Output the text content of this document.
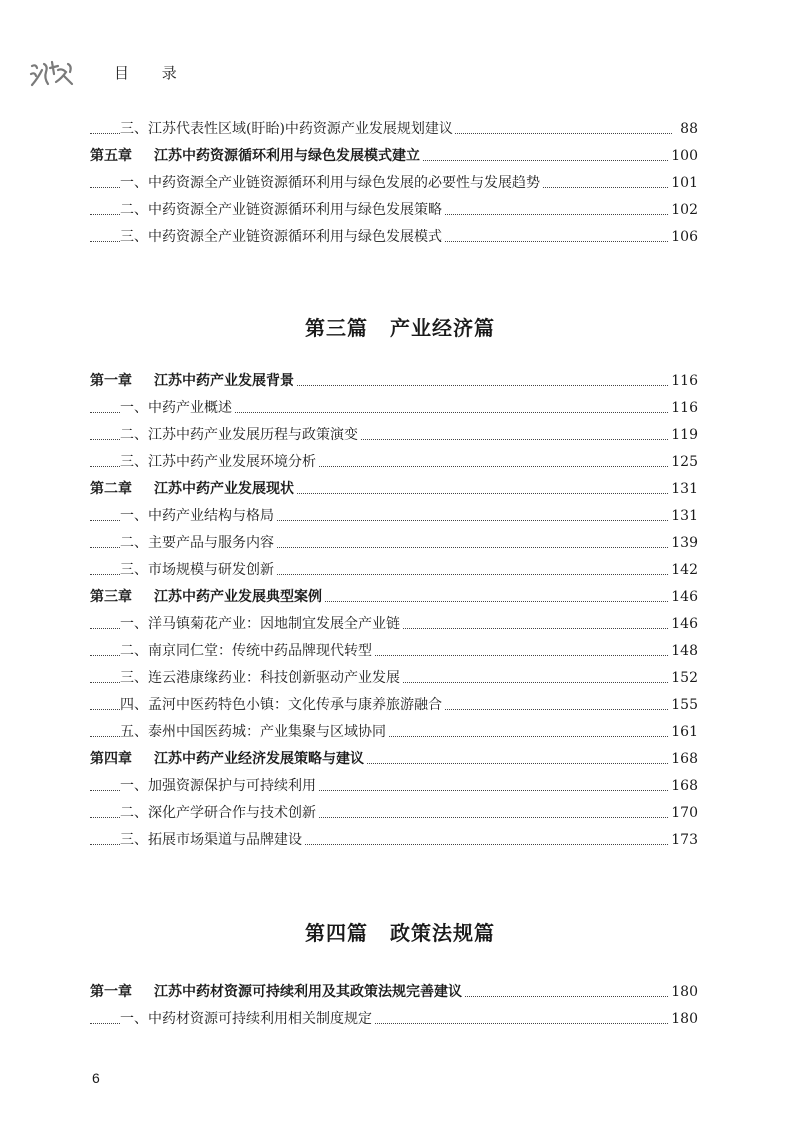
目 录
三、江苏代表性区域(盱眙)中药资源产业发展规划建议	88
第五章 江苏中药资源循环利用与绿色发展模式建立	100
一、中药资源全产业链资源循环利用与绿色发展的必要性与发展趋势	101
二、中药资源全产业链资源循环利用与绿色发展策略	102
三、中药资源全产业链资源循环利用与绿色发展模式	106
第三篇 产业经济篇
第一章 江苏中药产业发展背景	116
一、中药产业概述	116
二、江苏中药产业发展历程与政策演变	119
三、江苏中药产业发展环境分析	125
第二章 江苏中药产业发展现状	131
一、中药产业结构与格局	131
二、主要产品与服务内容	139
三、市场规模与研发创新	142
第三章 江苏中药产业发展典型案例	146
一、洋马镇菊花产业：因地制宜发展全产业链	146
二、南京同仁堂：传统中药品牌现代转型	148
三、连云港康缘药业：科技创新驱动产业发展	152
四、孟河中医药特色小镇：文化传承与康养旅游融合	155
五、泰州中国医药城：产业集聚与区域协同	161
第四章 江苏中药产业经济发展策略与建议	168
一、加强资源保护与可持续利用	168
二、深化产学研合作与技术创新	170
三、拓展市场渠道与品牌建设	173
第四篇 政策法规篇
第一章 江苏中药材资源可持续利用及其政策法规完善建议	180
一、中药材资源可持续利用相关制度规定	180
6
